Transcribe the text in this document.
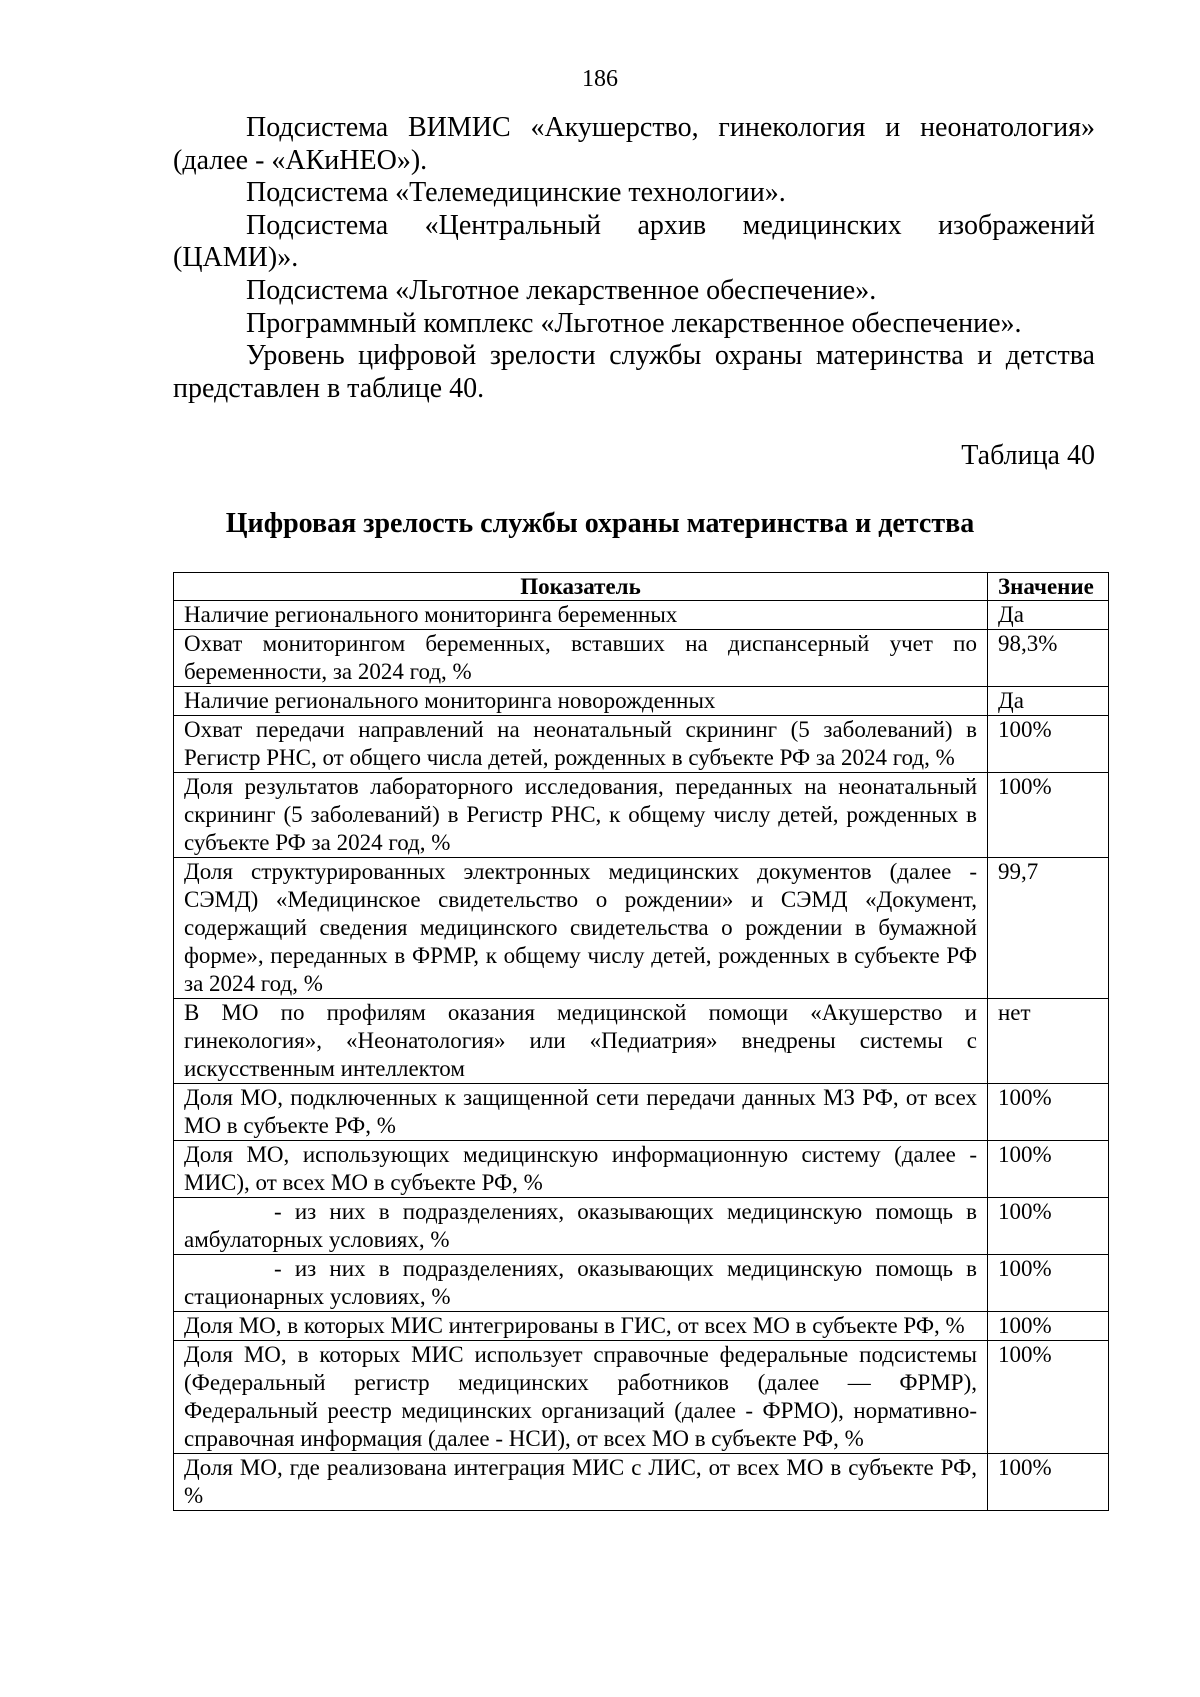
186

Подсистема ВИМИС «Акушерство, гинекология и неонатология» (далее - «АКиНЕО»).

Подсистема «Телемедицинские технологии».

Подсистема «Центральный архив медицинских изображений (ЦАМИ)».

Подсистема «Льготное лекарственное обеспечение».

Программный комплекс «Льготное лекарственное обеспечение».

Уровень цифровой зрелости службы охраны материнства и детства представлен в таблице 40.

Таблица 40
Цифровая зрелость службы охраны материнства и детства
Показатель	Значение
Наличие регионального мониторинга беременных	Да
Охват мониторингом беременных, вставших на диспансерный учет по беременности, за 2024 год, %	98,3%
Наличие регионального мониторинга новорожденных	Да
Охват передачи направлений на неонатальный скрининг (5 заболеваний) в Регистр РНС, от общего числа детей, рожденных в субъекте РФ за 2024 год, %	100%
Доля результатов лабораторного исследования, переданных на неонатальный скрининг (5 заболеваний) в Регистр РНС, к общему числу детей, рожденных в субъекте РФ за 2024 год, %	100%
Доля структурированных электронных медицинских документов (далее - СЭМД) «Медицинское свидетельство о рождении» и СЭМД «Документ, содержащий сведения медицинского свидетельства о рождении в бумажной форме», переданных в ФРМР, к общему числу детей, рожденных в субъекте РФ за 2024 год, %	99,7
В МО по профилям оказания медицинской помощи «Акушерство и гинекология», «Неонатология» или «Педиатрия» внедрены системы с искусственным интеллектом	нет
Доля МО, подключенных к защищенной сети передачи данных МЗ РФ, от всех МО в субъекте РФ, %	100%
Доля МО, использующих медицинскую информационную систему (далее - МИС), от всех МО в субъекте РФ, %	100%
- из них в подразделениях, оказывающих медицинскую помощь в амбулаторных условиях, %	100%
- из них в подразделениях, оказывающих медицинскую помощь в стационарных условиях, %	100%
Доля МО, в которых МИС интегрированы в ГИС, от всех МО в субъекте РФ, %	100%
Доля МО, в которых МИС использует справочные федеральные подсистемы (Федеральный регистр медицинских работников (далее — ФРМР), Федеральный реестр медицинских организаций (далее - ФРМО), нормативно-справочная информация (далее - НСИ), от всех МО в субъекте РФ, %	100%
Доля МО, где реализована интеграция МИС с ЛИС, от всех МО в субъекте РФ, %	100%
